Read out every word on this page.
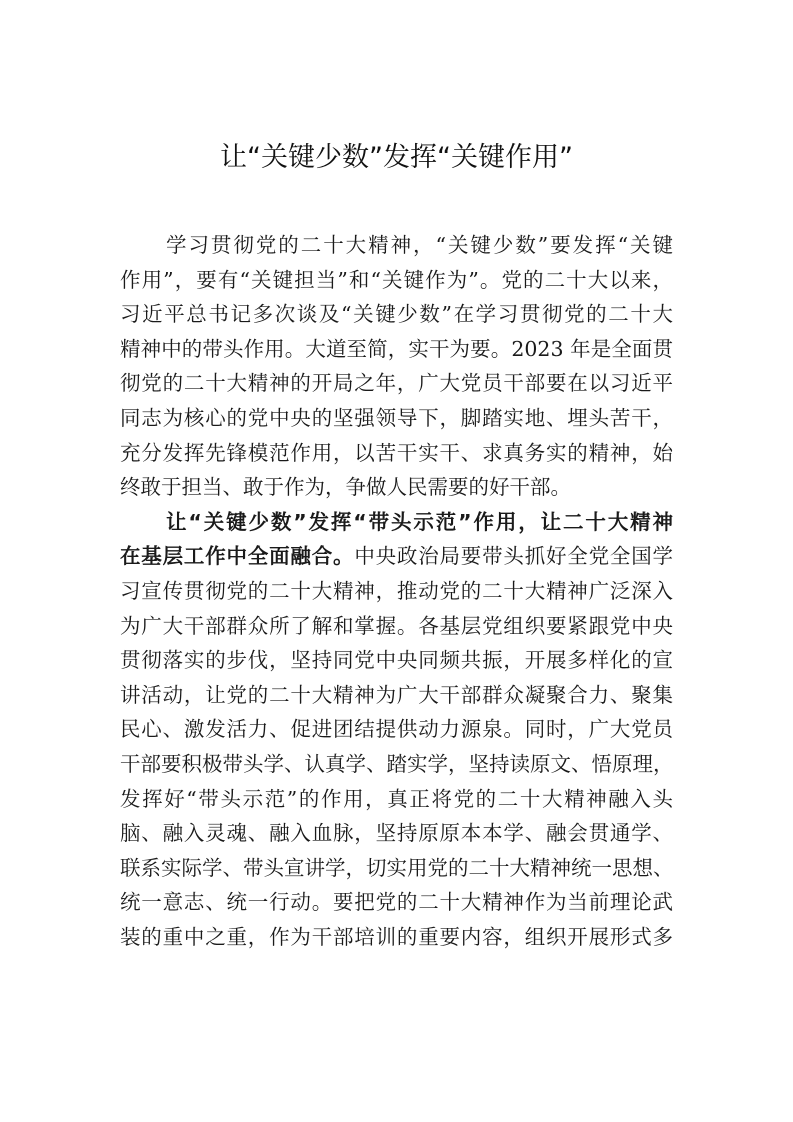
让“关键少数”发挥“关键作用”
学习贯彻党的二十大精神，“关键少数”要发挥“关键
作用”，要有“关键担当”和“关键作为”。党的二十大以来，
习近平总书记多次谈及“关键少数”在学习贯彻党的二十大
精神中的带头作用。大道至简，实干为要。2023 年是全面贯
彻党的二十大精神的开局之年，广大党员干部要在以习近平
同志为核心的党中央的坚强领导下，脚踏实地、埋头苦干，
充分发挥先锋模范作用，以苦干实干、求真务实的精神，始
终敢于担当、敢于作为，争做人民需要的好干部。
让“关键少数”发挥“带头示范”作用，让二十大精神
在基层工作中全面融合。中央政治局要带头抓好全党全国学
习宣传贯彻党的二十大精神，推动党的二十大精神广泛深入
为广大干部群众所了解和掌握。各基层党组织要紧跟党中央
贯彻落实的步伐，坚持同党中央同频共振，开展多样化的宣
讲活动，让党的二十大精神为广大干部群众凝聚合力、聚集
民心、激发活力、促进团结提供动力源泉。同时，广大党员
干部要积极带头学、认真学、踏实学，坚持读原文、悟原理，
发挥好“带头示范”的作用，真正将党的二十大精神融入头
脑、融入灵魂、融入血脉，坚持原原本本学、融会贯通学、
联系实际学、带头宣讲学，切实用党的二十大精神统一思想、
统一意志、统一行动。要把党的二十大精神作为当前理论武
装的重中之重，作为干部培训的重要内容，组织开展形式多
